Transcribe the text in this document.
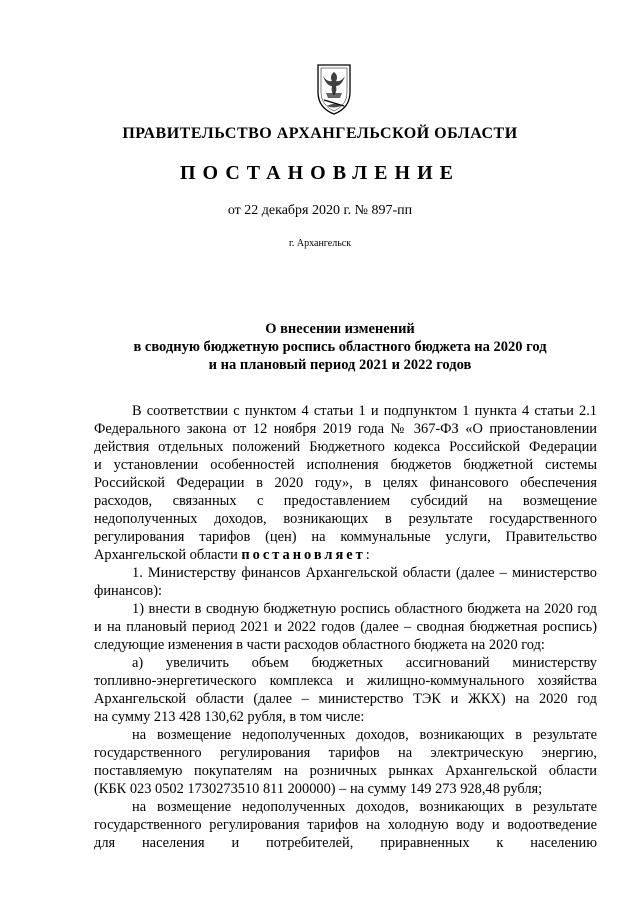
ПРАВИТЕЛЬСТВО АРХАНГЕЛЬСКОЙ ОБЛАСТИ
ПОСТАНОВЛЕНИЕ
от 22 декабря 2020 г. № 897-пп
г. Архангельск
О внесении изменений
в сводную бюджетную роспись областного бюджета на 2020 год
и на плановый период 2021 и 2022 годов

В соответствии с пунктом 4 статьи 1 и подпунктом 1 пункта 4 статьи 2.1

Федерального закона от 12 ноября 2019 года № 367-ФЗ «О приостановлении

действия отдельных положений Бюджетного кодекса Российской Федерации

и установлении особенностей исполнения бюджетов бюджетной системы

Российской Федерации в 2020 году», в целях финансового обеспечения

расходов, связанных с предоставлением субсидий на возмещение

недополученных доходов, возникающих в результате государственного

регулирования тарифов (цен) на коммунальные услуги, Правительство

Архангельской области постановляет:

1. Министерству финансов Архангельской области (далее – министерство

финансов):

1) внести в сводную бюджетную роспись областного бюджета на 2020 год

и на плановый период 2021 и 2022 годов (далее – сводная бюджетная роспись)

следующие изменения в части расходов областного бюджета на 2020 год:

а) увеличить объем бюджетных ассигнований министерству

топливно-энергетического комплекса и жилищно-коммунального хозяйства

Архангельской области (далее – министерство ТЭК и ЖКХ) на 2020 год

на сумму 213 428 130,62 рубля, в том числе:

на возмещение недополученных доходов, возникающих в результате

государственного регулирования тарифов на электрическую энергию,

поставляемую покупателям на розничных рынках Архангельской области

(КБК 023 0502 1730273510 811 200000) – на сумму 149 273 928,48 рубля;

на возмещение недополученных доходов, возникающих в результате

государственного регулирования тарифов на холодную воду и водоотведение

для населения и потребителей, приравненных к населению
